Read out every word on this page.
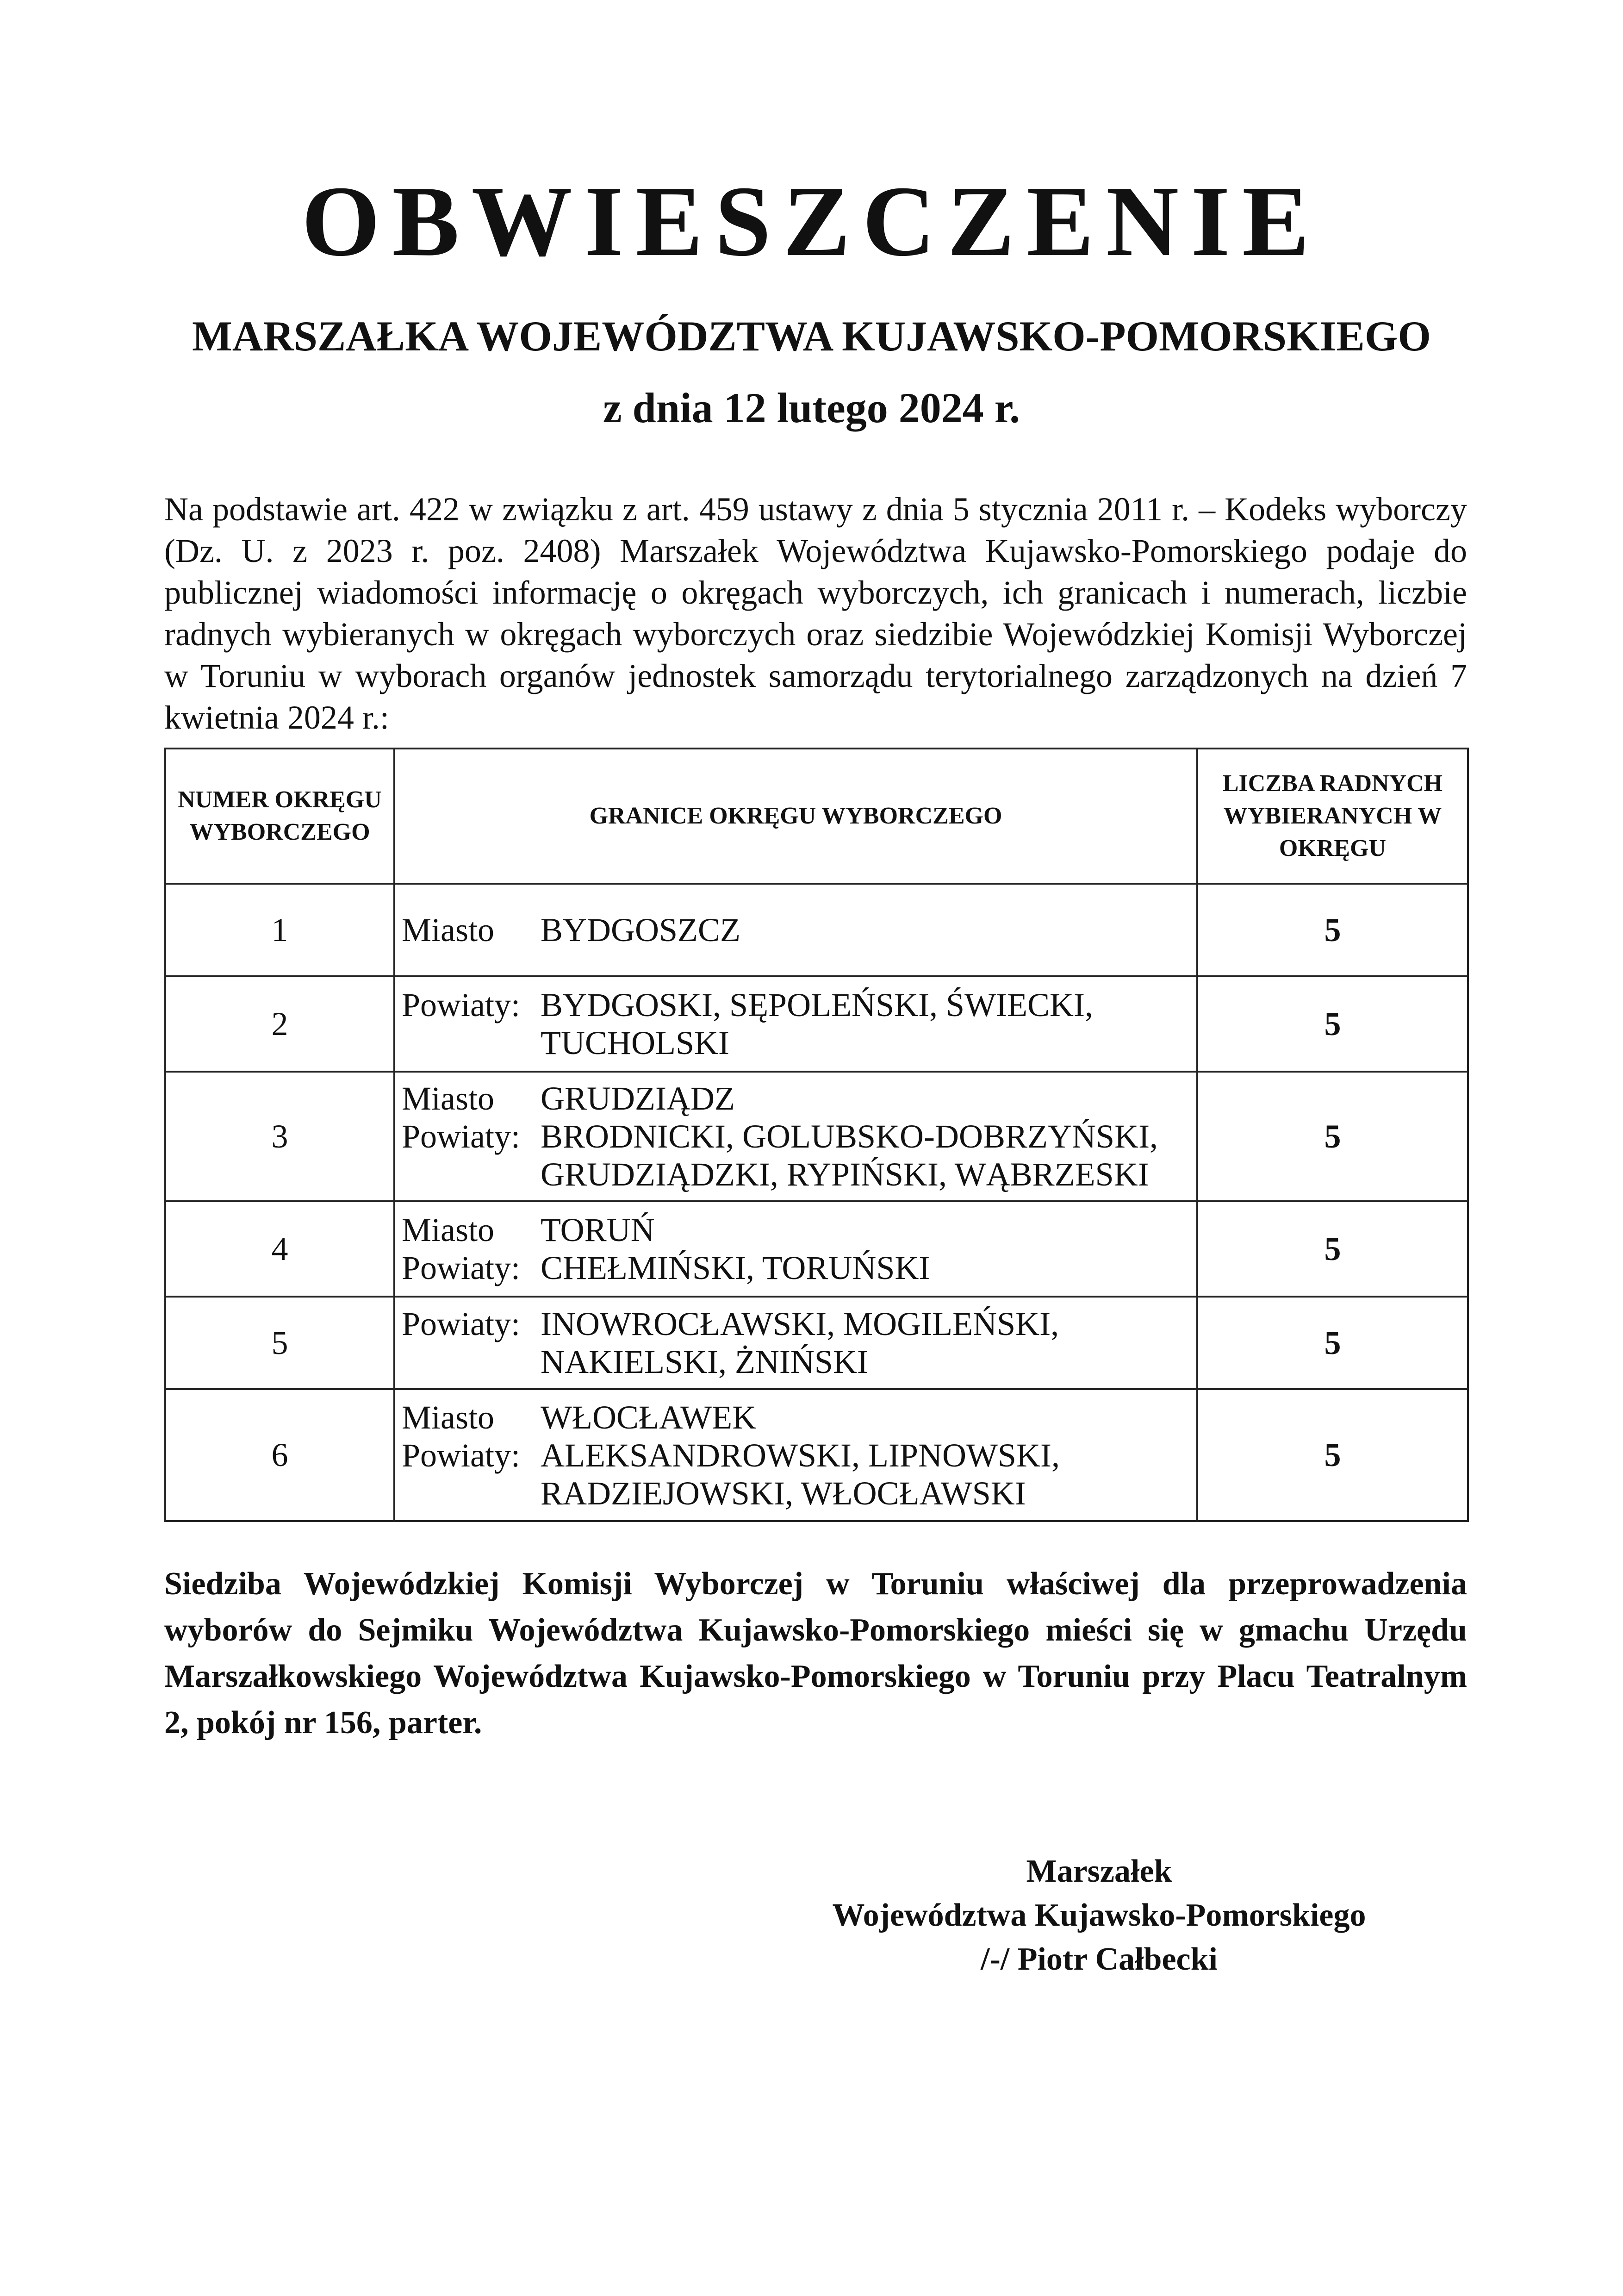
OBWIESZCZENIE
MARSZAŁKA WOJEWÓDZTWA KUJAWSKO-POMORSKIEGO
z dnia 12 lutego 2024 r.
Na podstawie art. 422 w związku z art. 459 ustawy z dnia 5 stycznia 2011 r. – Kodeks wyborczy (Dz. U. z 2023 r. poz. 2408) Marszałek Województwa Kujawsko-Pomorskiego podaje do publicznej wiadomości informację o okręgach wyborczych, ich granicach i numerach, liczbie radnych wybieranych w okręgach wyborczych oraz siedzibie Wojewódzkiej Komisji Wyborczej w Toruniu w wyborach organów jednostek samorządu terytorialnego zarządzonych na dzień 7 kwietnia 2024 r.:
NUMER OKRĘGU WYBORCZEGO	GRANICE OKRĘGU WYBORCZEGO	LICZBA RADNYCH WYBIERANYCH W OKRĘGU
1	Miasto BYDGOSZCZ	5
2	Powiaty: BYDGOSKI, SĘPOLEŃSKI, ŚWIECKI,
TUCHOLSKI	5
3	Miasto GRUDZIĄDZ
Powiaty: BRODNICKI, GOLUBSKO-DOBRZYŃSKI,
GRUDZIĄDZKI, RYPIŃSKI, WĄBRZESKI	5
4	Miasto TORUŃ
Powiaty: CHEŁMIŃSKI, TORUŃSKI	5
5	Powiaty: INOWROCŁAWSKI, MOGILEŃSKI,
NAKIELSKI, ŻNIŃSKI	5
6	Miasto WŁOCŁAWEK
Powiaty: ALEKSANDROWSKI, LIPNOWSKI,
RADZIEJOWSKI, WŁOCŁAWSKI	5
Siedziba Wojewódzkiej Komisji Wyborczej w Toruniu właściwej dla przeprowadzenia wyborów do Sejmiku Województwa Kujawsko-Pomorskiego mieści się w gmachu Urzędu Marszałkowskiego Województwa Kujawsko-Pomorskiego w Toruniu przy Placu Teatralnym 2, pokój nr 156, parter.
Marszałek
Województwa Kujawsko-Pomorskiego
/-/ Piotr Całbecki
